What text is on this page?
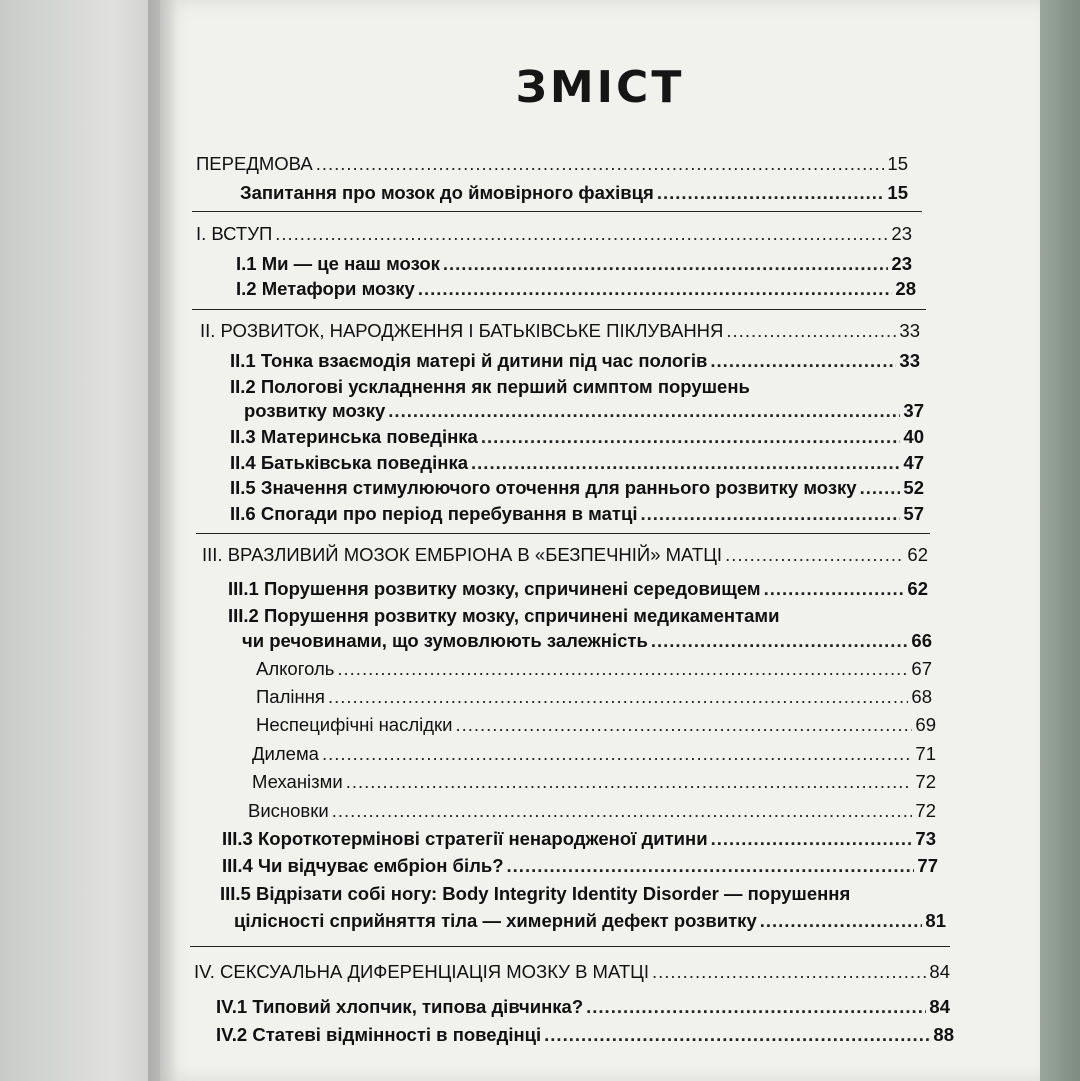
ЗМІСТ
ПЕРЕДМОВА .....	15
Запитання про мозок до ймовірного фахівця .....	15
I. ВСТУП .....	23
I.1 Ми — це наш мозок .....	23
I.2 Метафори мозку .....	28
II. РОЗВИТОК, НАРОДЖЕННЯ І БАТЬКІВСЬКЕ ПІКЛУВАННЯ .....	33
II.1 Тонка взаємодія матері й дитини під час пологів .....	33
II.2 Пологові ускладнення як перший симптом порушень
розвитку мозку .....	37
II.3 Материнська поведінка .....	40
II.4 Батьківська поведінка .....	47
II.5 Значення стимулюючого оточення для раннього розвитку мозку .....	52
II.6 Спогади про період перебування в матці .....	57
III. ВРАЗЛИВИЙ МОЗОК ЕМБРІОНА В «БЕЗПЕЧНІЙ» МАТЦІ .....	62
III.1 Порушення розвитку мозку, спричинені середовищем .....	62
III.2 Порушення розвитку мозку, спричинені медикаментами
чи речовинами, що зумовлюють залежність .....	66
Алкоголь .....	67
Паління .....	68
Неспецифічні наслідки .....	69
Дилема .....	71
Механізми .....	72
Висновки .....	72
III.3 Короткотермінові стратегії ненародженої дитини .....	73
III.4 Чи відчуває ембріон біль? .....	77
III.5 Відрізати собі ногу: Body Integrity Identity Disorder — порушення
цілісності сприйняття тіла — химерний дефект розвитку .....	81
IV. СЕКСУАЛЬНА ДИФЕРЕНЦІАЦІЯ МОЗКУ В МАТЦІ .....	84
IV.1 Типовий хлопчик, типова дівчинка? .....	84
IV.2 Статеві відмінності в поведінці .....	88
